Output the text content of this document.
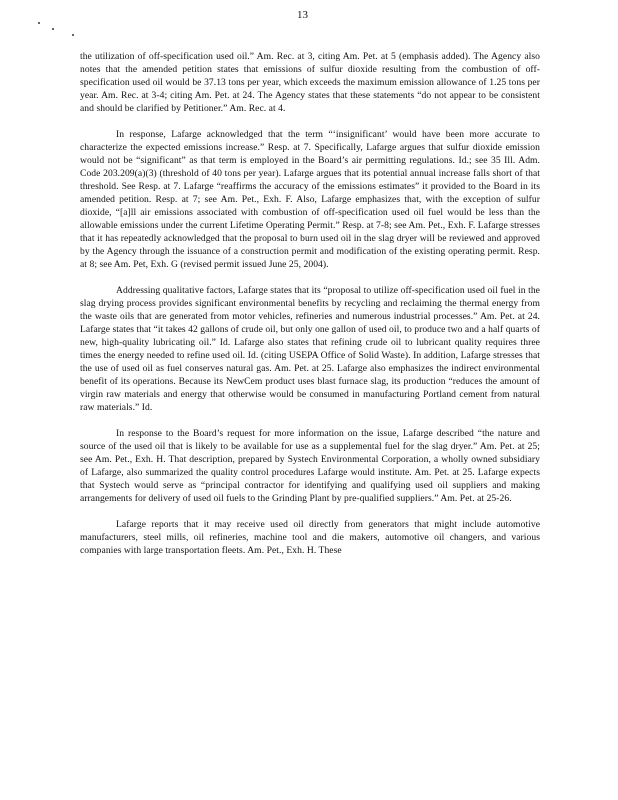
13

the utilization of off-specification used oil.” Am. Rec. at 3, citing Am. Pet. at 5 (emphasis added). The Agency also notes that the amended petition states that emissions of sulfur dioxide resulting from the combustion of off-specification used oil would be 37.13 tons per year, which exceeds the maximum emission allowance of 1.25 tons per year. Am. Rec. at 3-4; citing Am. Pet. at 24. The Agency states that these statements “do not appear to be consistent and should be clarified by Petitioner.” Am. Rec. at 4.

In response, Lafarge acknowledged that the term “‘insignificant’ would have been more accurate to characterize the expected emissions increase.” Resp. at 7. Specifically, Lafarge argues that sulfur dioxide emission would not be “significant” as that term is employed in the Board’s air permitting regulations. Id.; see 35 Ill. Adm. Code 203.209(a)(3) (threshold of 40 tons per year). Lafarge argues that its potential annual increase falls short of that threshold. See Resp. at 7. Lafarge “reaffirms the accuracy of the emissions estimates” it provided to the Board in its amended petition. Resp. at 7; see Am. Pet., Exh. F. Also, Lafarge emphasizes that, with the exception of sulfur dioxide, “[a]ll air emissions associated with combustion of off-specification used oil fuel would be less than the allowable emissions under the current Lifetime Operating Permit.” Resp. at 7-8; see Am. Pet., Exh. F. Lafarge stresses that it has repeatedly acknowledged that the proposal to burn used oil in the slag dryer will be reviewed and approved by the Agency through the issuance of a construction permit and modification of the existing operating permit. Resp. at 8; see Am. Pet, Exh. G (revised permit issued June 25, 2004).

Addressing qualitative factors, Lafarge states that its “proposal to utilize off-specification used oil fuel in the slag drying process provides significant environmental benefits by recycling and reclaiming the thermal energy from the waste oils that are generated from motor vehicles, refineries and numerous industrial processes.” Am. Pet. at 24. Lafarge states that “it takes 42 gallons of crude oil, but only one gallon of used oil, to produce two and a half quarts of new, high-quality lubricating oil.” Id. Lafarge also states that refining crude oil to lubricant quality requires three times the energy needed to refine used oil. Id. (citing USEPA Office of Solid Waste). In addition, Lafarge stresses that the use of used oil as fuel conserves natural gas. Am. Pet. at 25. Lafarge also emphasizes the indirect environmental benefit of its operations. Because its NewCem product uses blast furnace slag, its production “reduces the amount of virgin raw materials and energy that otherwise would be consumed in manufacturing Portland cement from natural raw materials.” Id.

In response to the Board’s request for more information on the issue, Lafarge described “the nature and source of the used oil that is likely to be available for use as a supplemental fuel for the slag dryer.” Am. Pet. at 25; see Am. Pet., Exh. H. That description, prepared by Systech Environmental Corporation, a wholly owned subsidiary of Lafarge, also summarized the quality control procedures Lafarge would institute. Am. Pet. at 25. Lafarge expects that Systech would serve as “principal contractor for identifying and qualifying used oil suppliers and making arrangements for delivery of used oil fuels to the Grinding Plant by pre-qualified suppliers.” Am. Pet. at 25-26.

Lafarge reports that it may receive used oil directly from generators that might include automotive manufacturers, steel mills, oil refineries, machine tool and die makers, automotive oil changers, and various companies with large transportation fleets. Am. Pet., Exh. H. These
